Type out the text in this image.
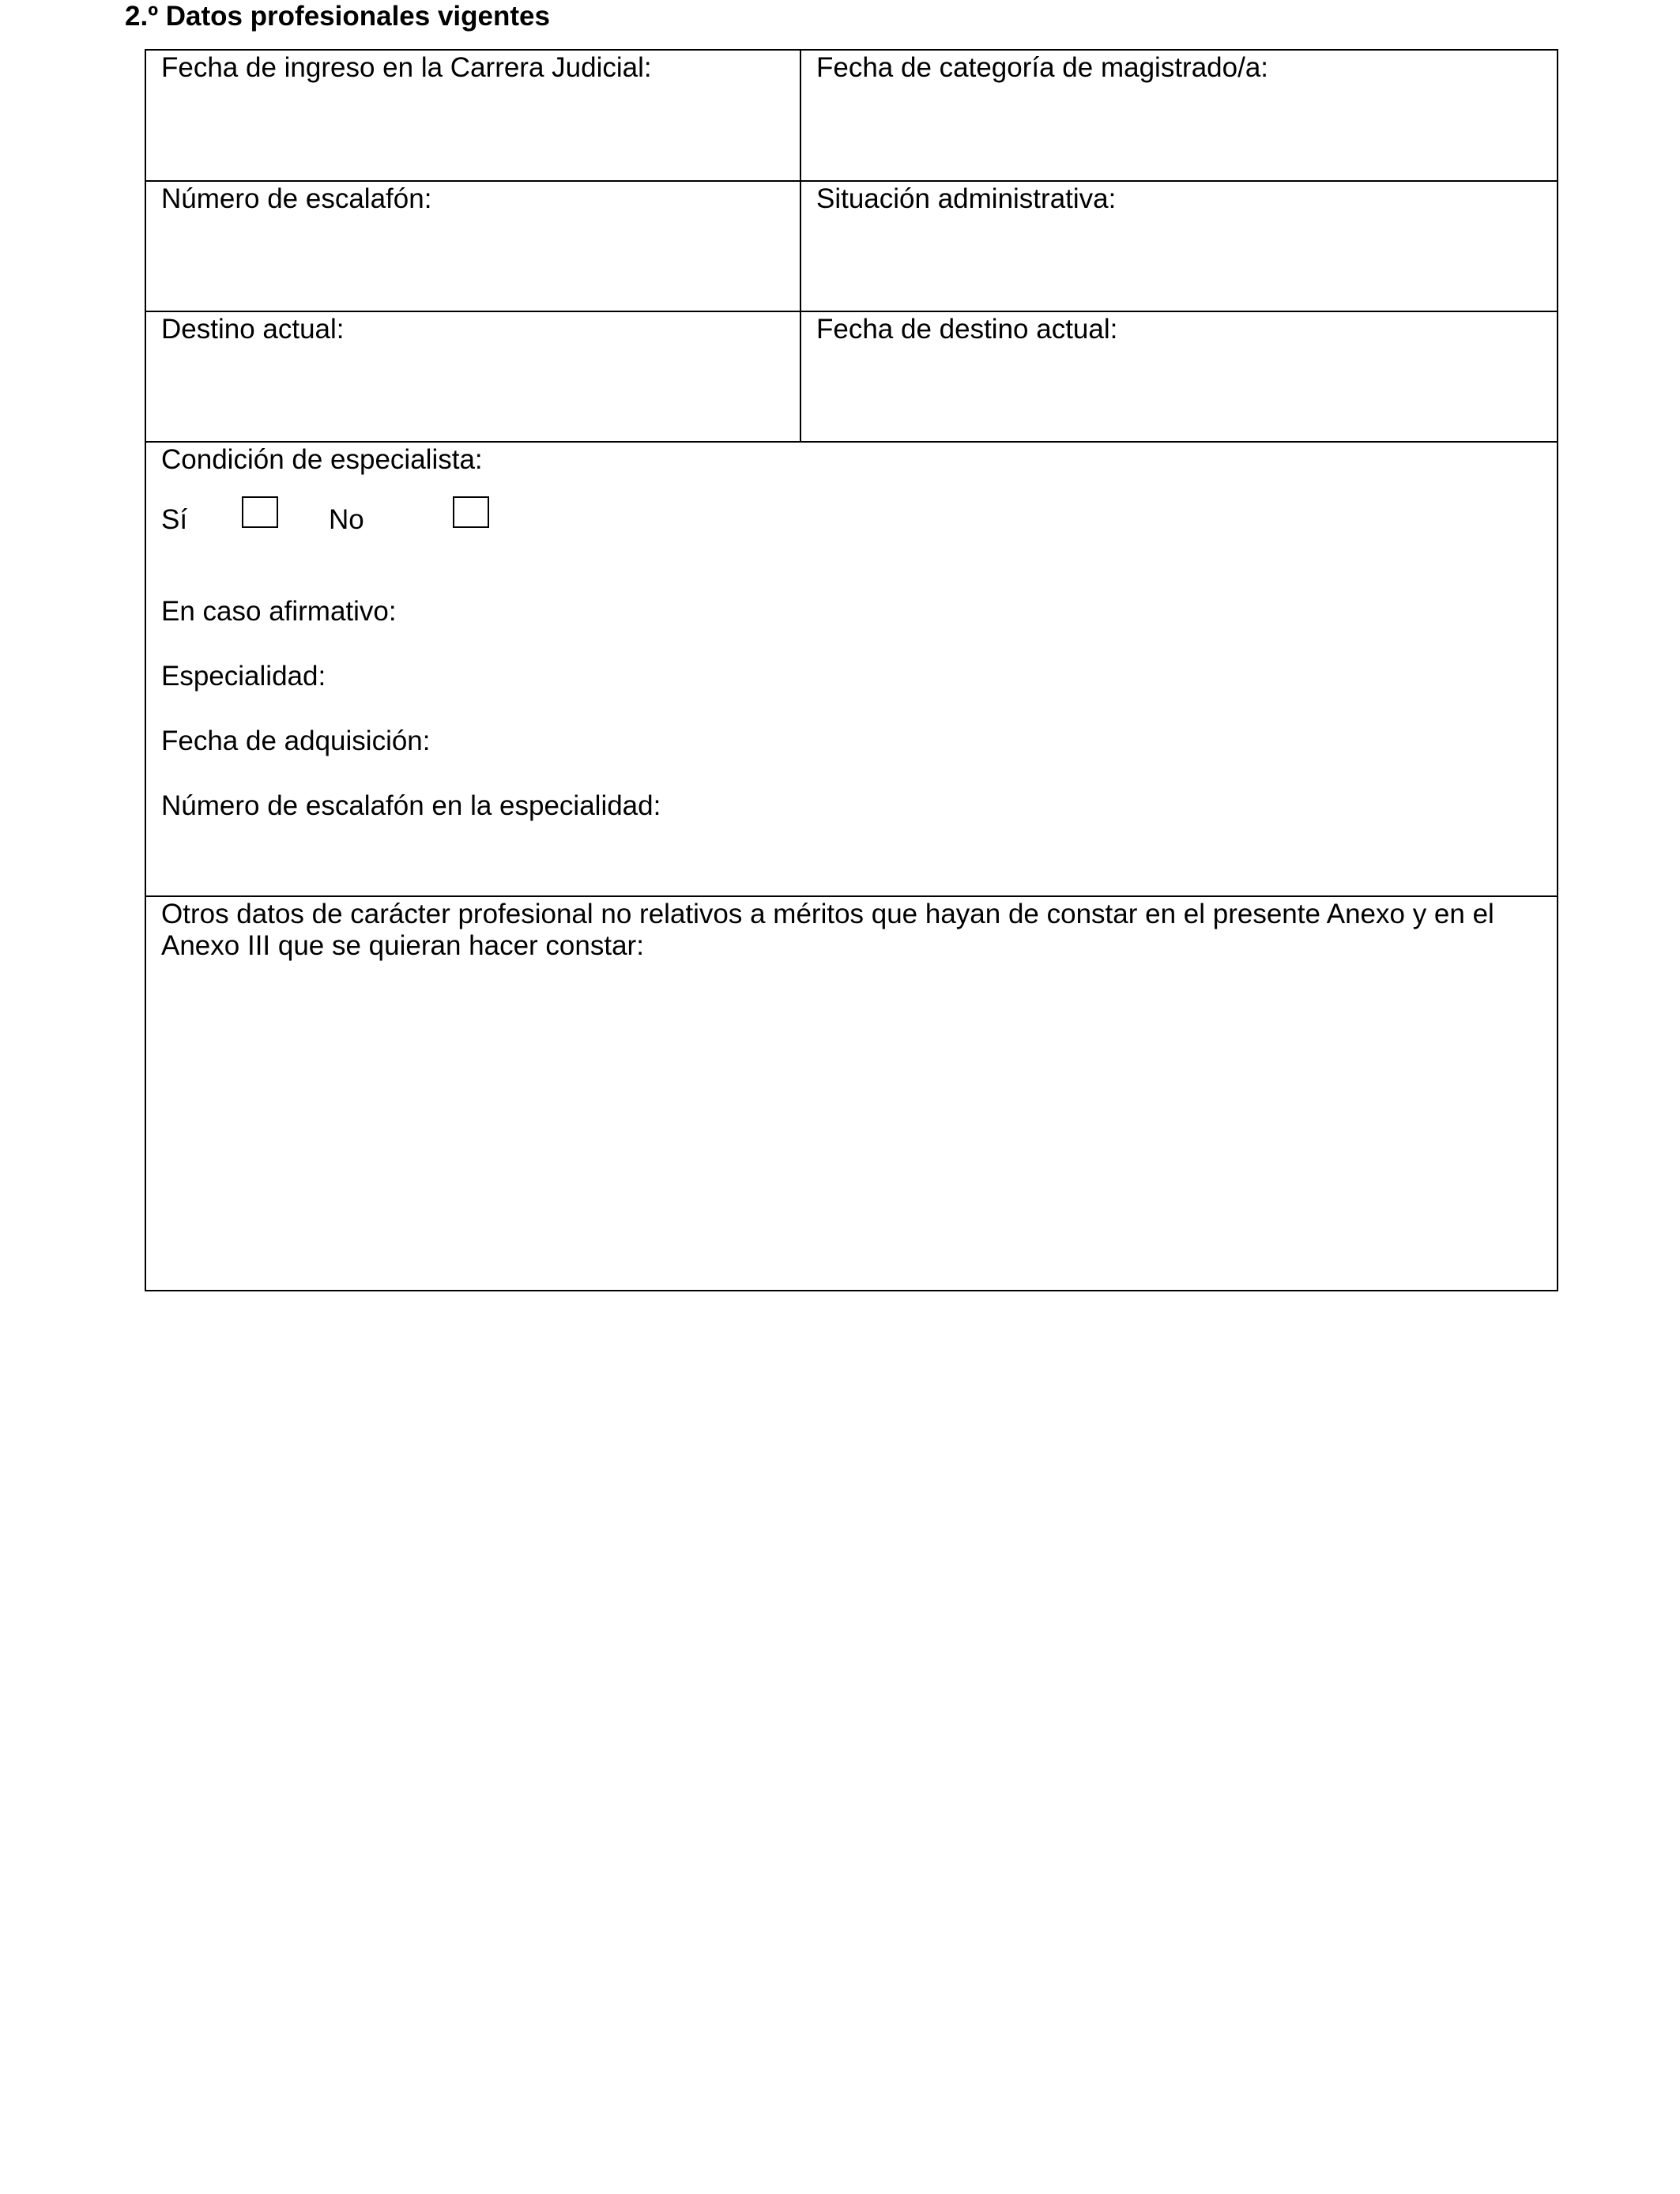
2.º Datos profesionales vigentes
Fecha de ingreso en la Carrera Judicial:	Fecha de categoría de magistrado/a:
Número de escalafón:	Situación administrativa:
Destino actual:	Fecha de destino actual:
Condición de especialista:
Sí	No
En caso afirmativo:
Especialidad:
Fecha de adquisición:
Número de escalafón en la especialidad:
Otros datos de carácter profesional no relativos a méritos que hayan de constar en el presente Anexo y en el Anexo III que se quieran hacer constar:
